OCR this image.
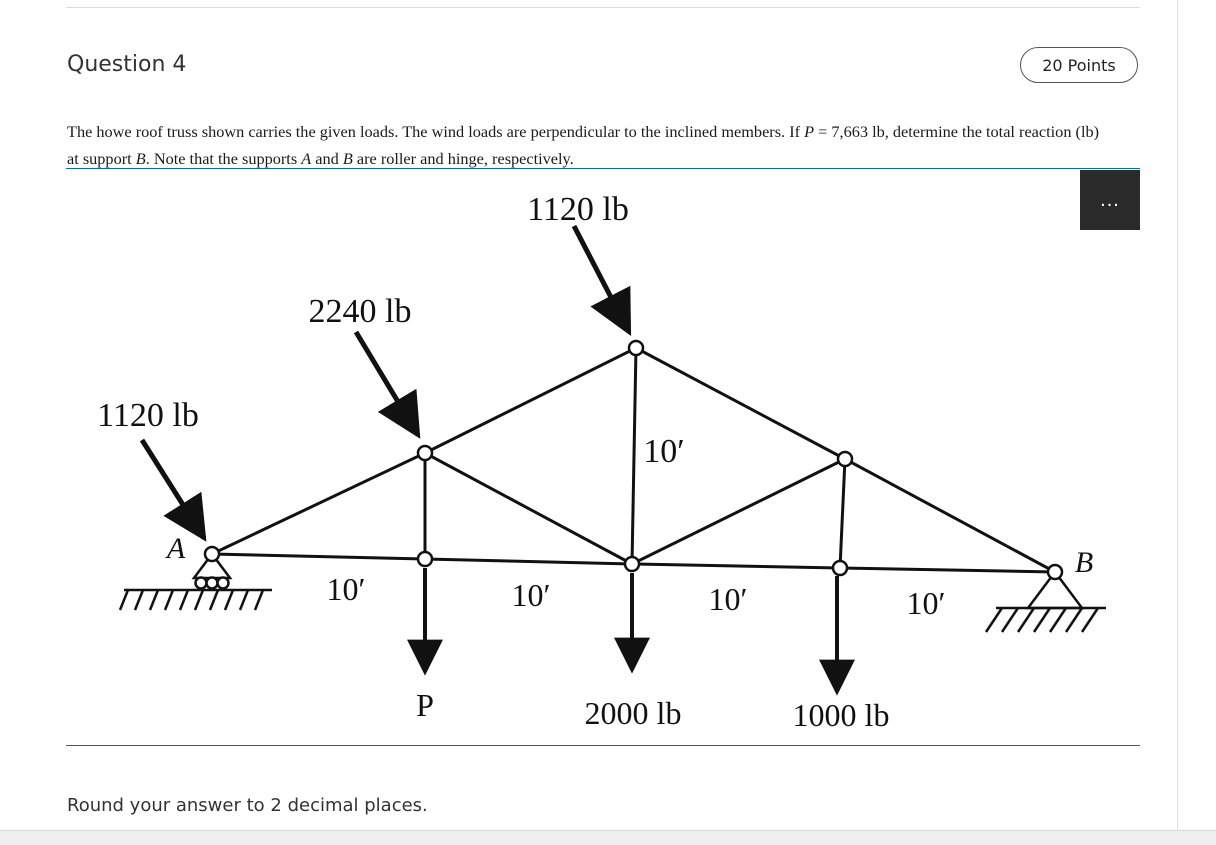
Question 4	20 Points
The howe roof truss shown carries the given loads. The wind loads are perpendicular to the inclined members. If P = 7,663 lb, determine the total reaction (lb) at support B. Note that the supports A and B are roller and hinge, respectively.
1120 lb
2240 lb
1120 lb
10′
10′	10′	10′	10′
P	2000 lb	1000 lb
A	B
...
Round your answer to 2 decimal places.
